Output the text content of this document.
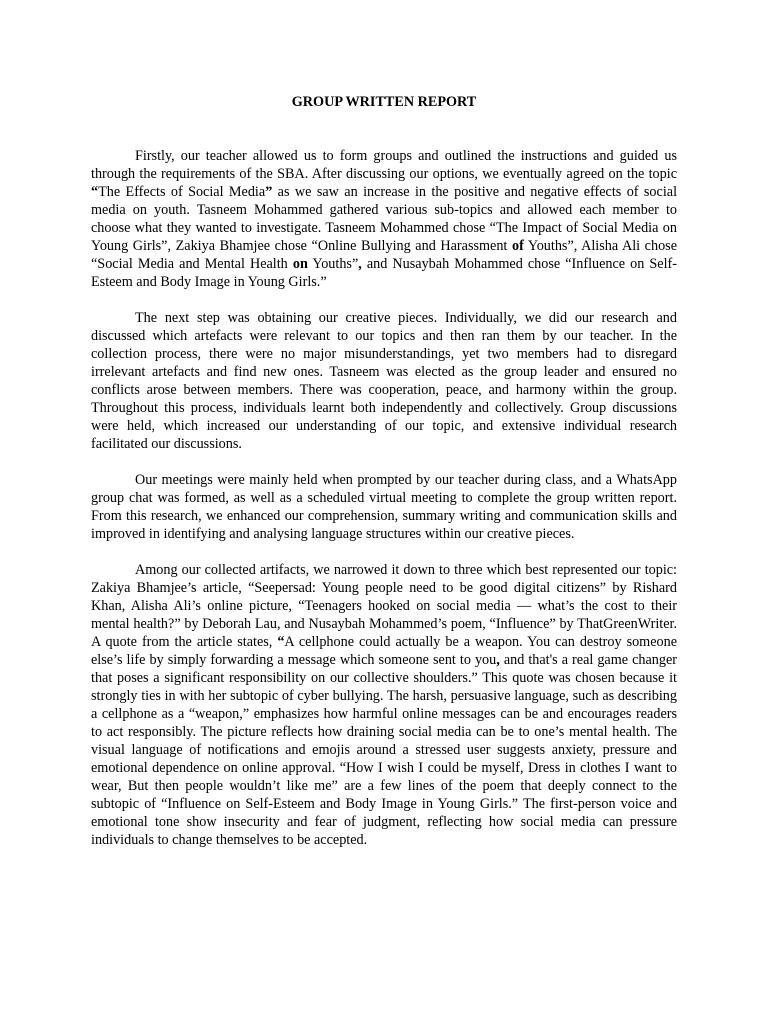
GROUP WRITTEN REPORT

Firstly, our teacher allowed us to form groups and outlined the instructions and guided us through the requirements of the SBA. After discussing our options, we eventually agreed on the topic “The Effects of Social Media” as we saw an increase in the positive and negative effects of social media on youth. Tasneem Mohammed gathered various sub-topics and allowed each member to choose what they wanted to investigate. Tasneem Mohammed chose “The Impact of Social Media on Young Girls”, Zakiya Bhamjee chose “Online Bullying and Harassment of Youths”, Alisha Ali chose “Social Media and Mental Health on Youths”, and Nusaybah Mohammed chose “Influence on Self-Esteem and Body Image in Young Girls.”

The next step was obtaining our creative pieces. Individually, we did our research and discussed which artefacts were relevant to our topics and then ran them by our teacher. In the collection process, there were no major misunderstandings, yet two members had to disregard irrelevant artefacts and find new ones. Tasneem was elected as the group leader and ensured no conflicts arose between members. There was cooperation, peace, and harmony within the group. Throughout this process, individuals learnt both independently and collectively. Group discussions were held, which increased our understanding of our topic, and extensive individual research facilitated our discussions.

Our meetings were mainly held when prompted by our teacher during class, and a WhatsApp group chat was formed, as well as a scheduled virtual meeting to complete the group written report. From this research, we enhanced our comprehension, summary writing and communication skills and improved in identifying and analysing language structures within our creative pieces.

Among our collected artifacts, we narrowed it down to three which best represented our topic: Zakiya Bhamjee’s article, “Seepersad: Young people need to be good digital citizens” by Rishard Khan, Alisha Ali’s online picture, “Teenagers hooked on social media — what’s the cost to their mental health?” by Deborah Lau, and Nusaybah Mohammed’s poem, “Influence” by ThatGreenWriter. A quote from the article states, “A cellphone could actually be a weapon. You can destroy someone else’s life by simply forwarding a message which someone sent to you, and that's a real game changer that poses a significant responsibility on our collective shoulders.” This quote was chosen because it strongly ties in with her subtopic of cyber bullying. The harsh, persuasive language, such as describing a cellphone as a “weapon,” emphasizes how harmful online messages can be and encourages readers to act responsibly. The picture reflects how draining social media can be to one’s mental health. The visual language of notifications and emojis around a stressed user suggests anxiety, pressure and emotional dependence on online approval. “How I wish I could be myself, Dress in clothes I want to wear, But then people wouldn’t like me” are a few lines of the poem that deeply connect to the subtopic of “Influence on Self-Esteem and Body Image in Young Girls.” The first-person voice and emotional tone show insecurity and fear of judgment, reflecting how social media can pressure individuals to change themselves to be accepted.
